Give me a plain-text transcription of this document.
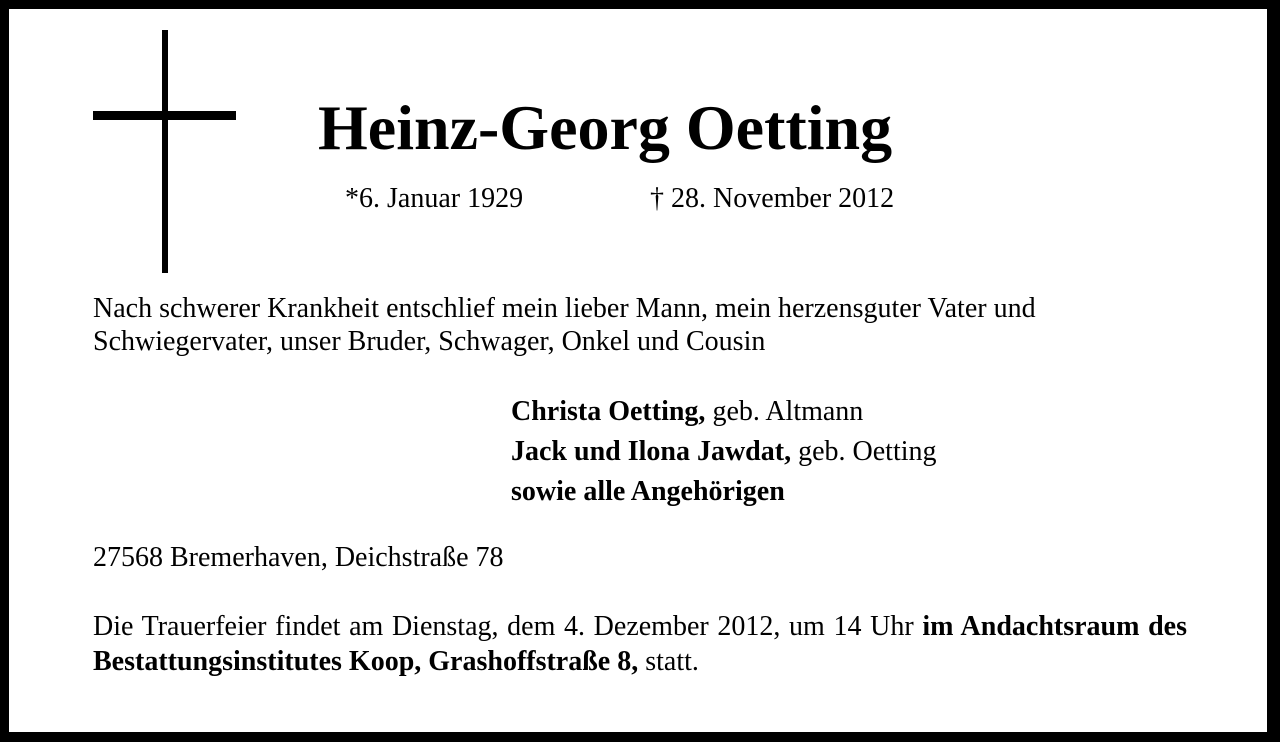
Heinz-Georg Oetting
*6. Januar 1929	† 28. November 2012
Nach schwerer Krankheit entschlief mein lieber Mann, mein herzensguter Vater und Schwiegervater, unser Bruder, Schwager, Onkel und Cousin
Christa Oetting, geb. Altmann
Jack und Ilona Jawdat, geb. Oetting
sowie alle Angehörigen
27568 Bremerhaven, Deichstraße 78
Die Trauerfeier findet am Dienstag, dem 4. Dezember 2012, um 14 Uhr im Andachtsraum des Bestattungsinstitutes Koop, Grashoffstraße 8, statt.
